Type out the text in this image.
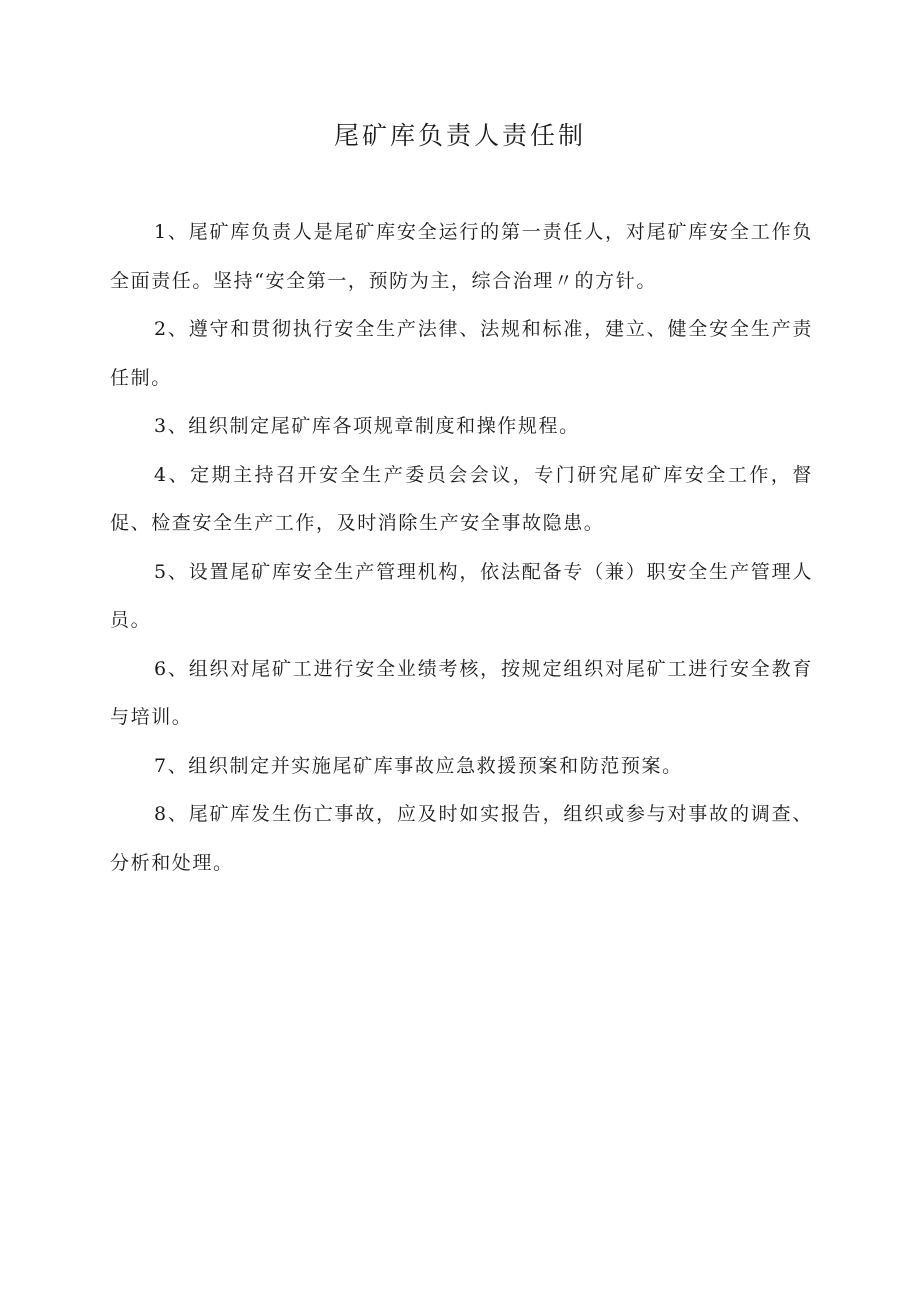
尾矿库负责人责任制

1、尾矿库负责人是尾矿库安全运行的第一责任人，对尾矿库安全工作负全面责任。坚持“安全第一，预防为主，综合治理〃的方针。

2、遵守和贯彻执行安全生产法律、法规和标准，建立、健全安全生产责任制。

3、组织制定尾矿库各项规章制度和操作规程。

4、定期主持召开安全生产委员会会议，专门研究尾矿库安全工作，督促、检查安全生产工作，及时消除生产安全事故隐患。

5、设置尾矿库安全生产管理机构，依法配备专（兼）职安全生产管理人员。

6、组织对尾矿工进行安全业绩考核，按规定组织对尾矿工进行安全教育与培训。

7、组织制定并实施尾矿库事故应急救援预案和防范预案。

8、尾矿库发生伤亡事故，应及时如实报告，组织或参与对事故的调查、分析和处理。
